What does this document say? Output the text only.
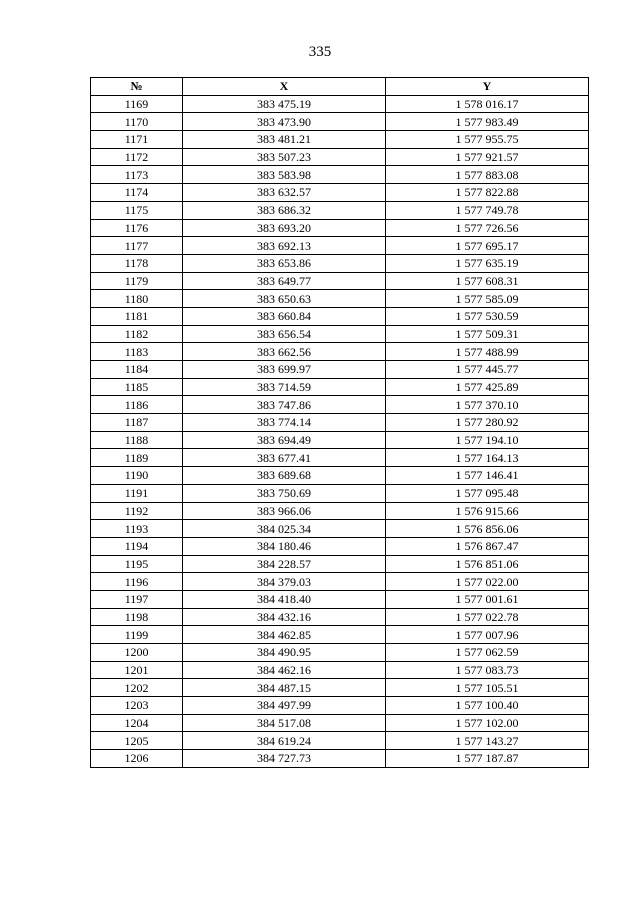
335
№	X	Y
1169	383 475.19	1 578 016.17
1170	383 473.90	1 577 983.49
1171	383 481.21	1 577 955.75
1172	383 507.23	1 577 921.57
1173	383 583.98	1 577 883.08
1174	383 632.57	1 577 822.88
1175	383 686.32	1 577 749.78
1176	383 693.20	1 577 726.56
1177	383 692.13	1 577 695.17
1178	383 653.86	1 577 635.19
1179	383 649.77	1 577 608.31
1180	383 650.63	1 577 585.09
1181	383 660.84	1 577 530.59
1182	383 656.54	1 577 509.31
1183	383 662.56	1 577 488.99
1184	383 699.97	1 577 445.77
1185	383 714.59	1 577 425.89
1186	383 747.86	1 577 370.10
1187	383 774.14	1 577 280.92
1188	383 694.49	1 577 194.10
1189	383 677.41	1 577 164.13
1190	383 689.68	1 577 146.41
1191	383 750.69	1 577 095.48
1192	383 966.06	1 576 915.66
1193	384 025.34	1 576 856.06
1194	384 180.46	1 576 867.47
1195	384 228.57	1 576 851.06
1196	384 379.03	1 577 022.00
1197	384 418.40	1 577 001.61
1198	384 432.16	1 577 022.78
1199	384 462.85	1 577 007.96
1200	384 490.95	1 577 062.59
1201	384 462.16	1 577 083.73
1202	384 487.15	1 577 105.51
1203	384 497.99	1 577 100.40
1204	384 517.08	1 577 102.00
1205	384 619.24	1 577 143.27
1206	384 727.73	1 577 187.87
